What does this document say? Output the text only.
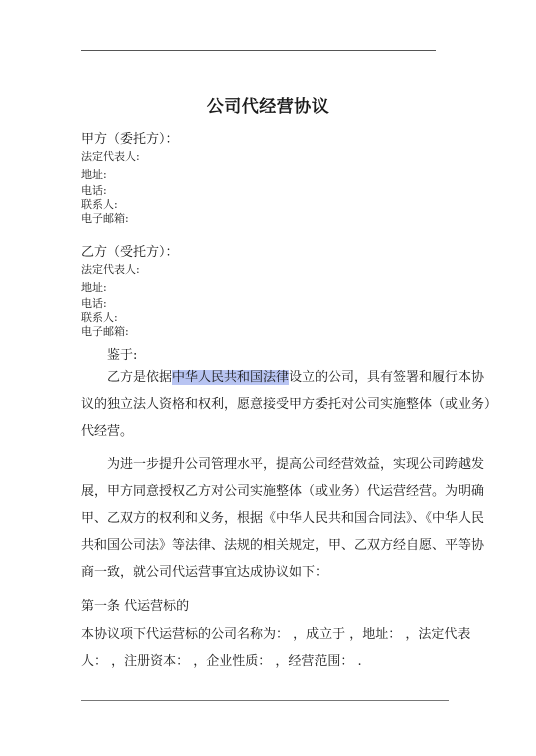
公司代经营协议
甲方（委托方）：
法定代表人:
地址:
电话:
联系人:
电子邮箱:
乙方（受托方）：
法定代表人:
地址:
电话:
联系人:
电子邮箱:
鉴于:
乙方是依据中华人民共和国法律设立的公司，具有签署和履行本协
议的独立法人资格和权利，愿意接受甲方委托对公司实施整体（或业务）
代经营。
为进一步提升公司管理水平，提高公司经营效益，实现公司跨越发
展，甲方同意授权乙方对公司实施整体（或业务）代运营经营。为明确
甲、乙双方的权利和义务，根据《中华人民共和国合同法》、《中华人民
共和国公司法》等法律、法规的相关规定，甲、乙双方经自愿、平等协
商一致，就公司代运营事宜达成协议如下：
第一条 代运营标的
本协议项下代运营标的公司名称为： ，成立于 ，地址： ，法定代表
人： ，注册资本： ，企业性质： ，经营范围： .
